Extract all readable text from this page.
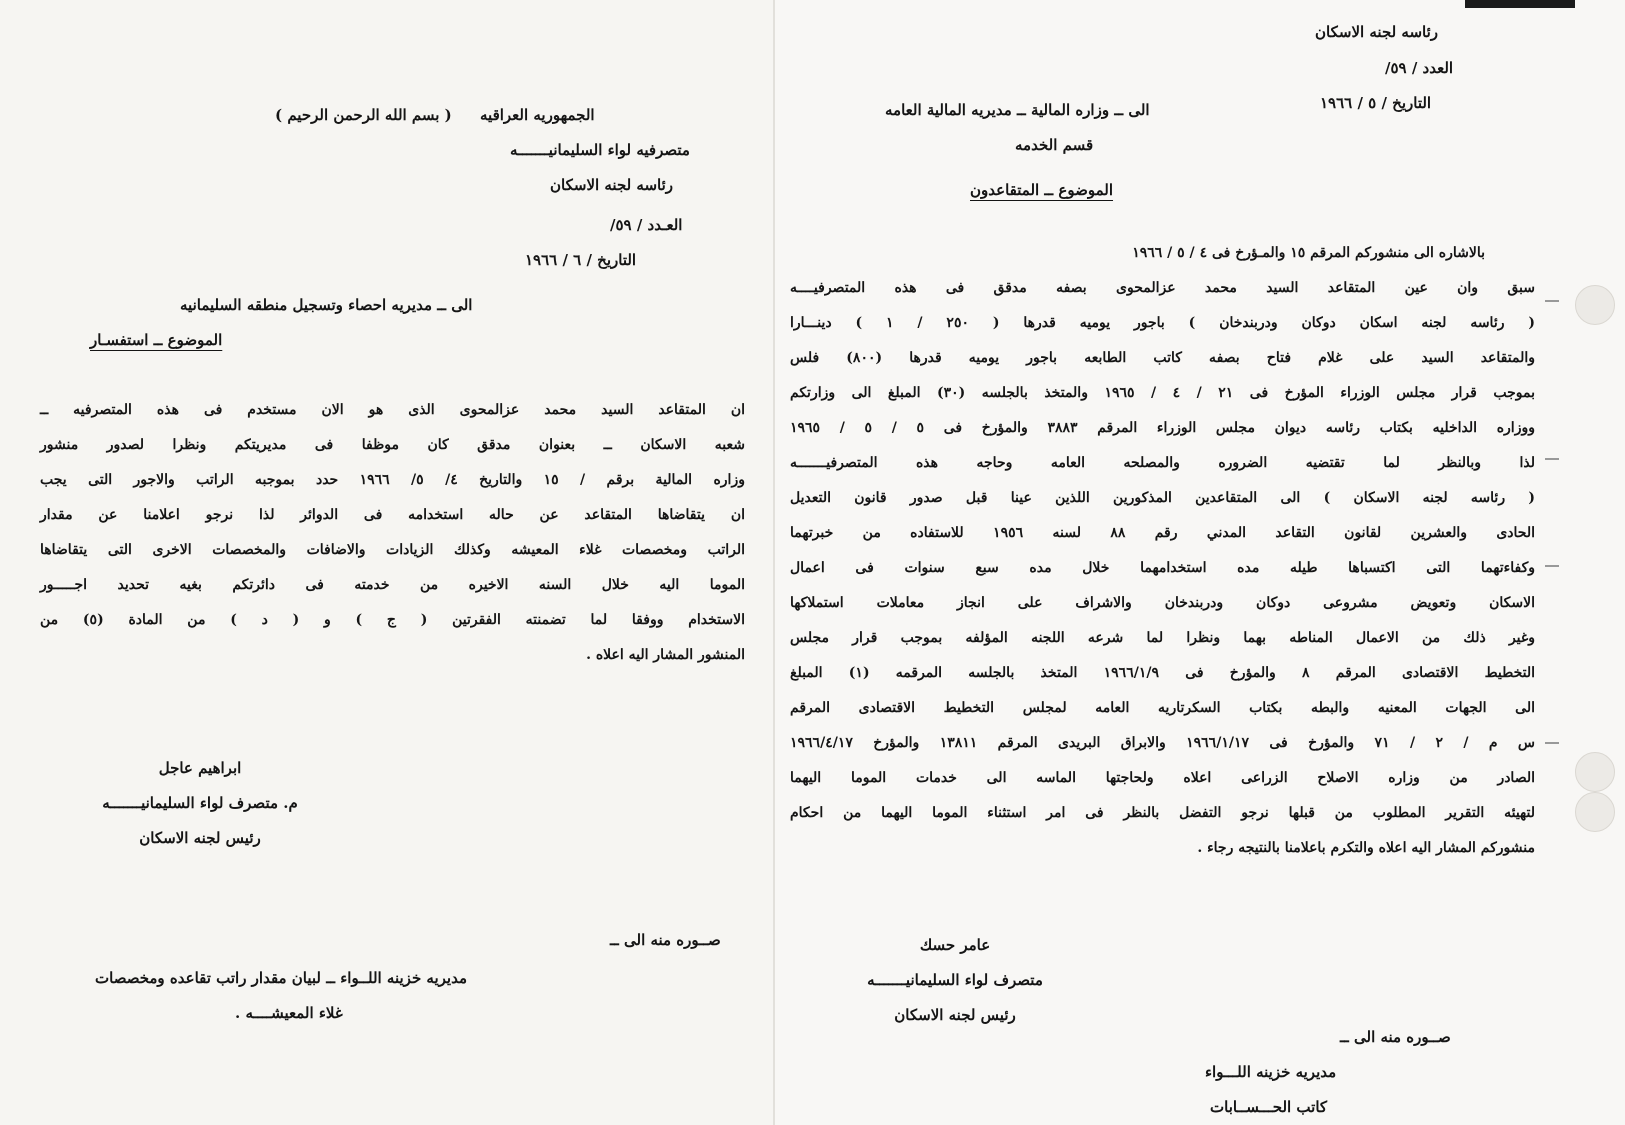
الجمهوريه العراقيه
( بسم الله الرحمن الرحيم )
متصرفيه لواء السليمانيـــــــه
رئاسه لجنه الاسكان
العـدد / ٥٩/
التاريخ / ٦ / ١٩٦٦
الى ــ مديريه احصاء وتسجيل منطقه السليمانيه
الموضوع ــ استفسـار
ان المتقاعد السيد محمد عزالمحوى الذى هو الان مستخدم فى هذه المتصرفيه ــ
شعبه الاسكان ــ بعنوان مدقق كان موظفا فى مديريتكم ونظرا لصدور منشور
وزاره المالية برقم / ١٥ والتاريخ ٤/ ٥/ ١٩٦٦ حدد بموجبه الراتب والاجور التى يجب
ان يتقاضاها المتقاعد عن حاله استخدامه فى الدوائر لذا نرجو اعلامنا عن مقدار
الراتب ومخصصات غلاء المعيشه وكذلك الزيادات والاضافات والمخصصات الاخرى التى يتقاضاها
الموما اليه خلال السنه الاخيره من خدمته فى دائرتكم بغيه تحديد اجـــــور
الاستخدام ووفقا لما تضمنته الفقرتين ( ج ) و ( د ) من المادة (٥) من
المنشور المشار اليه اعلاه .
ابراهيم عاجل
م. متصرف لواء السليمانيـــــــه
رئيس لجنه الاسكان
صــوره منه الى ــ
مديريه خزينه اللــواء ــ لبيان مقدار راتب تقاعده ومخصصات
غلاء المعيشــــه .
رئاسه لجنه الاسكان
العدد / ٥٩/
التاريخ / ٥ / ١٩٦٦
الى ــ وزاره المالية ــ مديريه المالية العامه
قسم الخدمه
الموضوع ــ المتقاعدون
بالاشاره الى منشوركم المرقم ١٥ والمـؤرخ فى ٤ / ٥ / ١٩٦٦
سبق وان عين المتقاعد السيد محمد عزالمحوى بصفه مدقق فى هذه المتصرفيــــه
( رئاسه لجنه اسكان دوكان ودربندخان ) باجور يوميه قدرها ( ٢٥٠ / ١ ) دينـــارا
والمتقاعد السيد على غلام فتاح بصفه كاتب الطابعه باجور يوميه قدرها (٨٠٠) فلس
بموجب قرار مجلس الوزراء المؤرخ فى ٢١ / ٤ / ١٩٦٥ والمتخذ بالجلسه (٣٠) المبلغ الى وزارتكم
ووزاره الداخليه بكتاب رئاسه ديوان مجلس الوزراء المرقم ٣٨٨٣ والمؤرخ فى ٥ / ٥ / ١٩٦٥
لذا وبالنظر لما تقتضيه الضروره والمصلحه العامه وحاجه هذه المتصرفيـــــــه
( رئاسه لجنه الاسكان ) الى المتقاعدين المذكورين اللذين عينا قبل صدور قانون التعديل
الحادى والعشرين لقانون التقاعد المدني رقم ٨٨ لسنه ١٩٥٦ للاستفاده من خبرتهما
وكفاءتهما التى اكتسباها طيله مده استخدامهما خلال مده سبع سنوات فى اعمال
الاسكان وتعويض مشروعى دوكان ودربندخان والاشراف على انجاز معاملات استملاكها
وغير ذلك من الاعمال المناطه بهما ونظرا لما شرعه اللجنه المؤلفه بموجب قرار مجلس
التخطيط الاقتصادى المرقم ٨ والمؤرخ فى ١٩٦٦/١/٩ المتخذ بالجلسه المرقمه (١) المبلغ
الى الجهات المعنيه والبطه بكتاب السكرتاريه العامه لمجلس التخطيط الاقتصادى المرقم
س م / ٢ / ٧١ والمؤرخ فى ١٩٦٦/١/١٧ والابراق البريدى المرقم ١٣٨١١ والمؤرخ ١٩٦٦/٤/١٧
الصادر من وزاره الاصلاح الزراعى اعلاه ولحاجتها الماسه الى خدمات الموما اليهما
لتهيئه التقرير المطلوب من قبلها نرجو التفضل بالنظر فى امر استثناء الموما اليهما من احكام
منشوركم المشار اليه اعلاه والتكرم باعلامنا بالنتيجه رجاء .
عامر حسك
متصرف لواء السليمانيـــــــه
رئيس لجنه الاسكان
صــوره منه الى ــ
مديريه خزينه اللـــواء
كاتب الحـــســابات
